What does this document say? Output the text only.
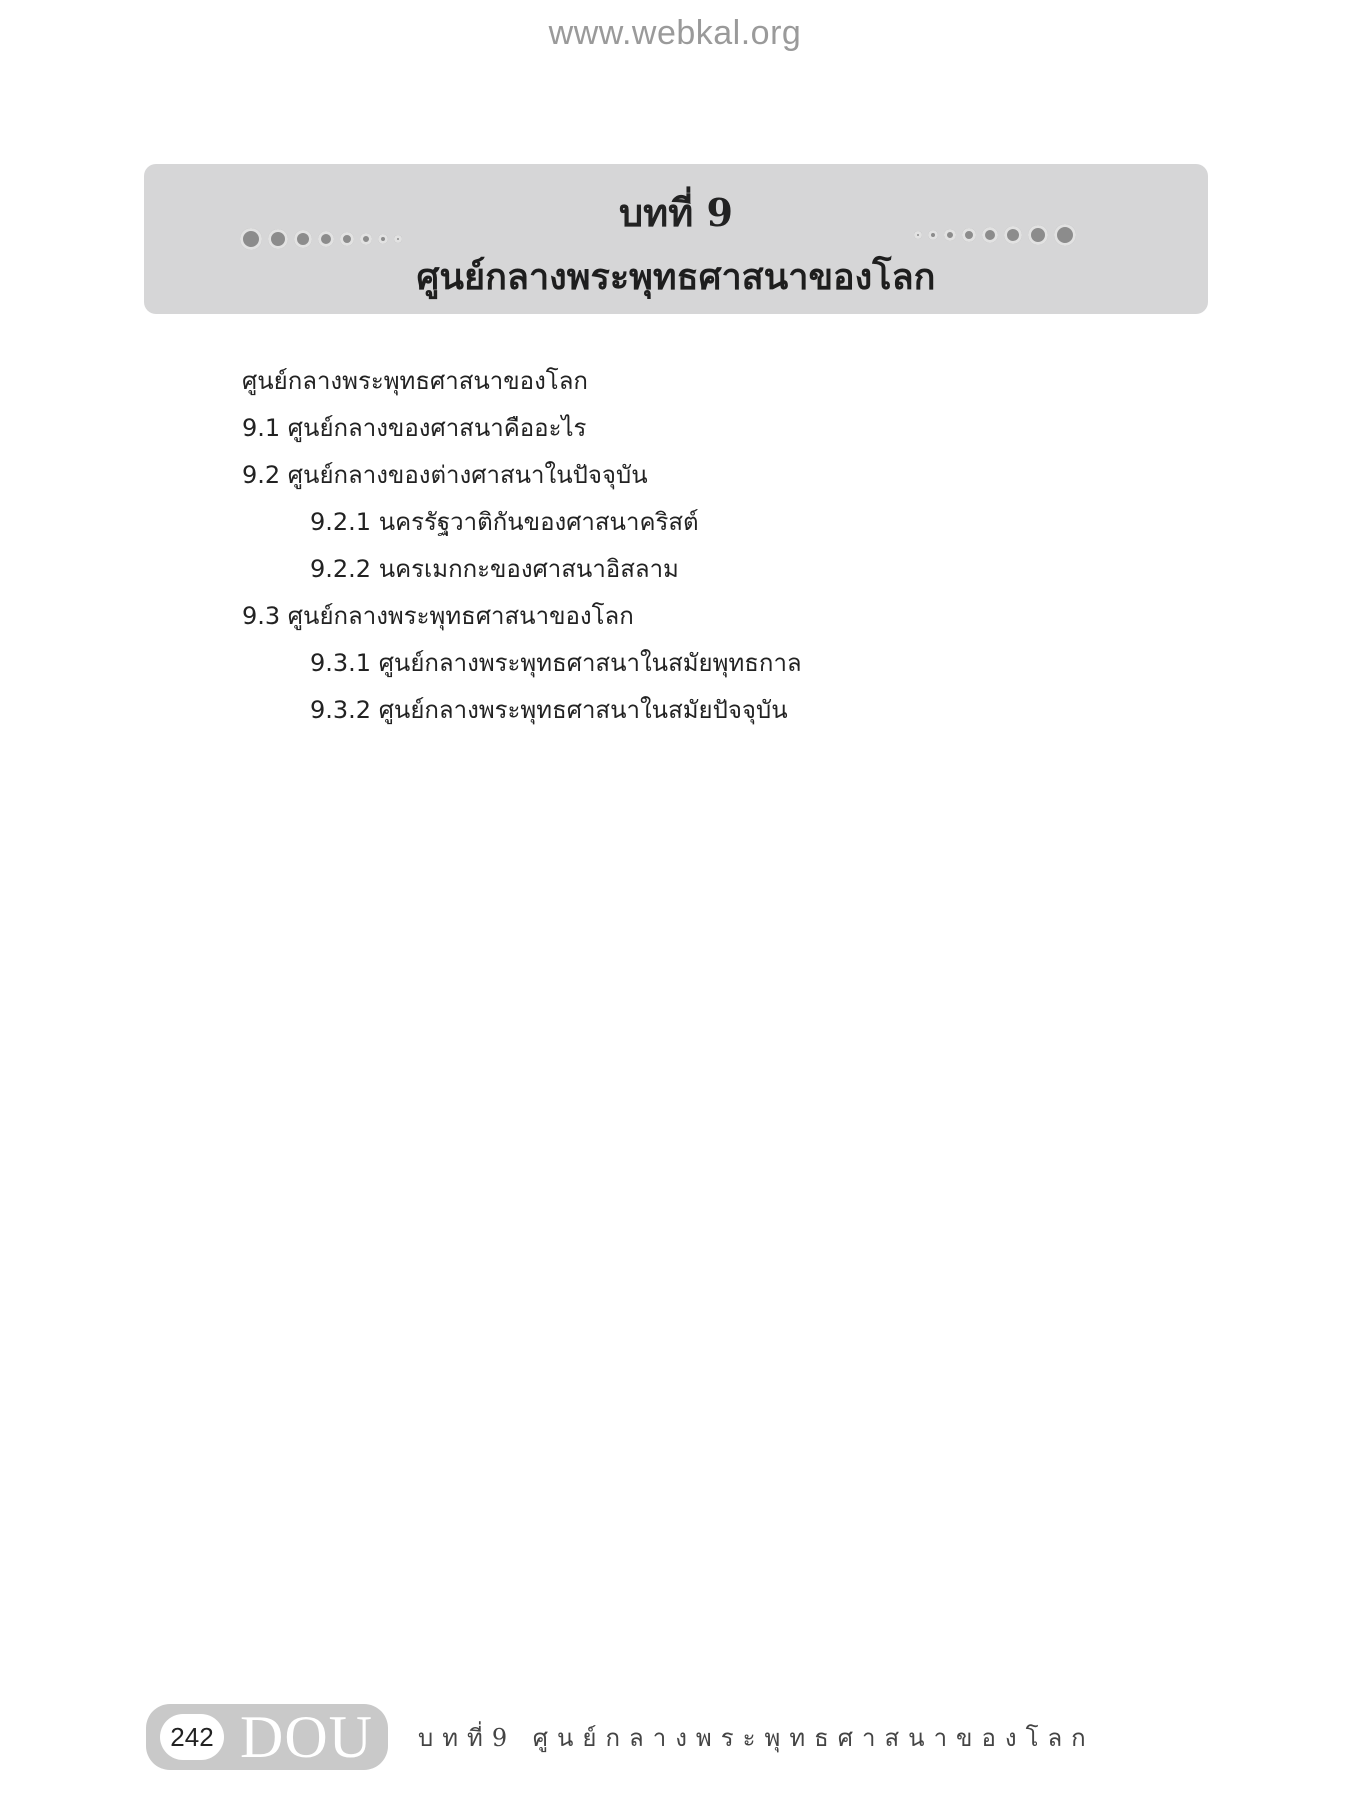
www.webkal.org
บทที่ 9
ศูนย์กลางพระพุทธศาสนาของโลก
ศูนย์กลางพระพุทธศาสนาของโลก
9.1 ศูนย์กลางของศาสนาคืออะไร
9.2 ศูนย์กลางของต่างศาสนาในปัจจุบัน
9.2.1 นครรัฐวาติกันของศาสนาคริสต์
9.2.2 นครเมกกะของศาสนาอิสลาม
9.3 ศูนย์กลางพระพุทธศาสนาของโลก
9.3.1 ศูนย์กลางพระพุทธศาสนาในสมัยพุทธกาล
9.3.2 ศูนย์กลางพระพุทธศาสนาในสมัยปัจจุบัน
242 DOU บทที่9 ศูนย์กลางพระพุทธศาสนาของโลก
